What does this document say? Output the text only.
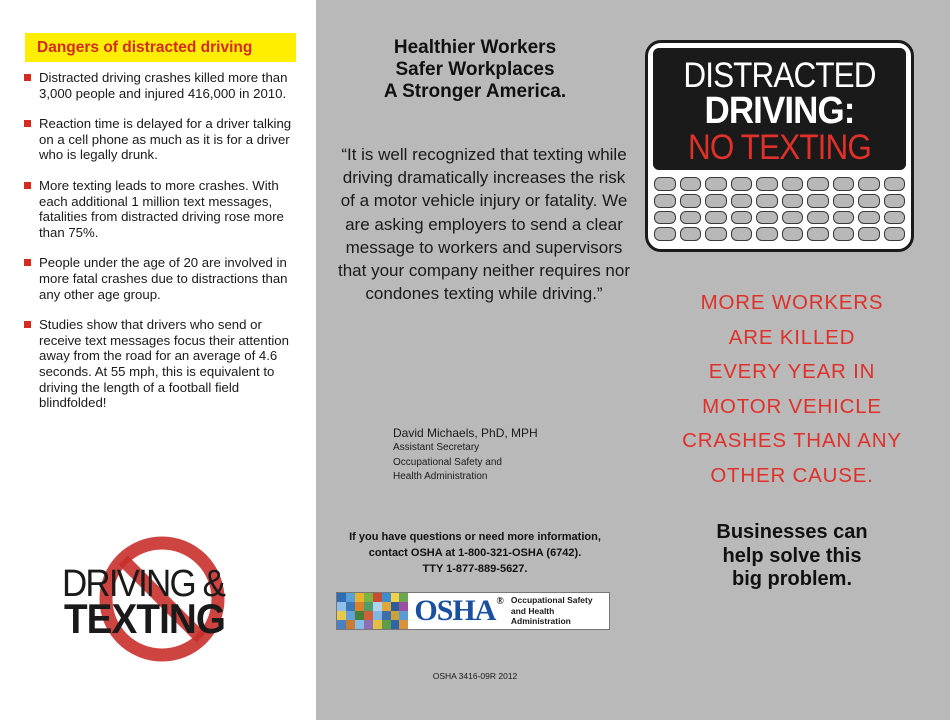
Dangers of distracted driving
Distracted driving crashes killed more than 3,000 people and injured 416,000 in 2010.
Reaction time is delayed for a driver talking on a cell phone as much as it is for a driver who is legally drunk.
More texting leads to more crashes. With each additional 1 million text messages, fatalities from distracted driving rose more than 75%.
People under the age of 20 are involved in more fatal crashes due to distractions than any other age group.
Studies show that drivers who send or receive text messages focus their attention away from the road for an average of 4.6 seconds. At 55 mph, this is equivalent to driving the length of a football field blindfolded!
DRIVING &
TEXTING
Healthier Workers
Safer Workplaces
A Stronger America.

“It is well recognized that texting while driving dramatically increases the risk of a motor vehicle injury or fatality. We are asking employers to send a clear message to workers and supervisors that your company neither requires nor condones texting while driving.”

David Michaels, PhD, MPH
Assistant Secretary
Occupational Safety and
Health Administration
If you have questions or need more information,
contact OSHA at 1-800-321-OSHA (6742).
TTY 1-877-889-5627.
OSHA ® Occupational Safety and Health Administration
OSHA 3416-09R 2012
DISTRACTED
DRIVING:
NO TEXTING
MORE WORKERS
ARE KILLED
EVERY YEAR IN
MOTOR VEHICLE
CRASHES THAN ANY
OTHER CAUSE.
Businesses can
help solve this
big problem.
